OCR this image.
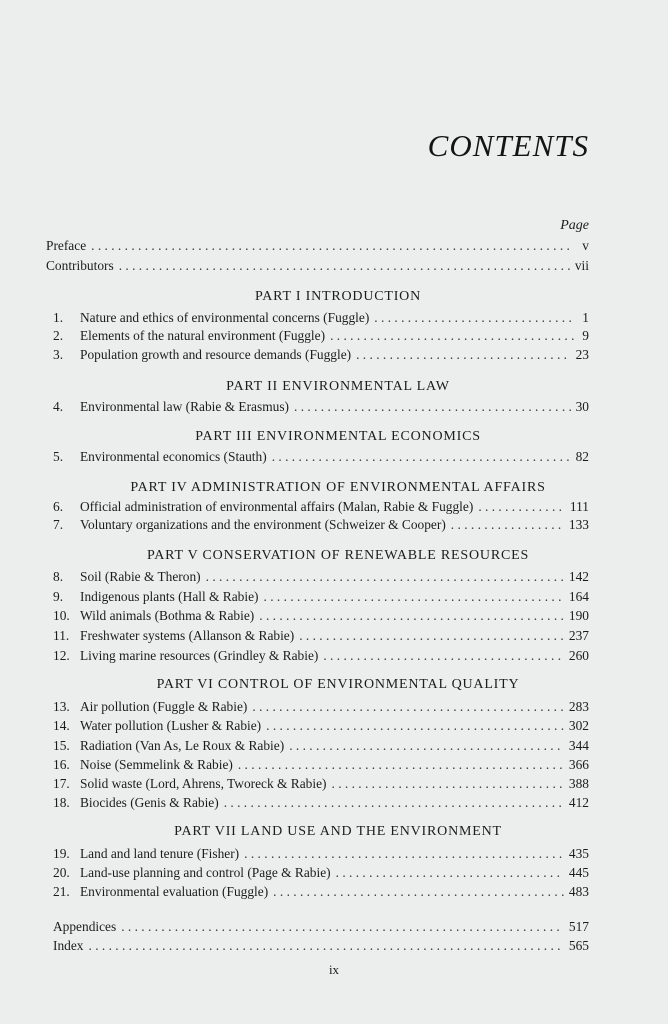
CONTENTS
Page
Preface . . .	v
Contributors . . .	vii
PART I INTRODUCTION
1.	Nature and ethics of environmental concerns (Fuggle) . . .	1
2.	Elements of the natural environment (Fuggle) . . .	9
3.	Population growth and resource demands (Fuggle) . . .	23
PART II ENVIRONMENTAL LAW
4.	Environmental law (Rabie & Erasmus) . . .	30
PART III ENVIRONMENTAL ECONOMICS
5.	Environmental economics (Stauth) . . .	82
PART IV ADMINISTRATION OF ENVIRONMENTAL AFFAIRS
6.	Official administration of environmental affairs (Malan, Rabie & Fuggle) . . .	111
7.	Voluntary organizations and the environment (Schweizer & Cooper) . . .	133
PART V CONSERVATION OF RENEWABLE RESOURCES
8.	Soil (Rabie & Theron) . . .	142
9.	Indigenous plants (Hall & Rabie) . . .	164
10. Wild animals (Bothma & Rabie) . . .	190
11. Freshwater systems (Allanson & Rabie) . . .	237
12. Living marine resources (Grindley & Rabie) . . .	260
PART VI CONTROL OF ENVIRONMENTAL QUALITY
13. Air pollution (Fuggle & Rabie) . . .	283
14. Water pollution (Lusher & Rabie) . . .	302
15. Radiation (Van As, Le Roux & Rabie) . . .	344
16. Noise (Semmelink & Rabie) . . .	366
17. Solid waste (Lord, Ahrens, Tworeck & Rabie) . . .	388
18. Biocides (Genis & Rabie) . . .	412
PART VII LAND USE AND THE ENVIRONMENT
19. Land and land tenure (Fisher) . . .	435
20. Land-use planning and control (Page & Rabie) . . .	445
21. Environmental evaluation (Fuggle) . . .	483
Appendices . . .	517
Index . . .	565
ix
